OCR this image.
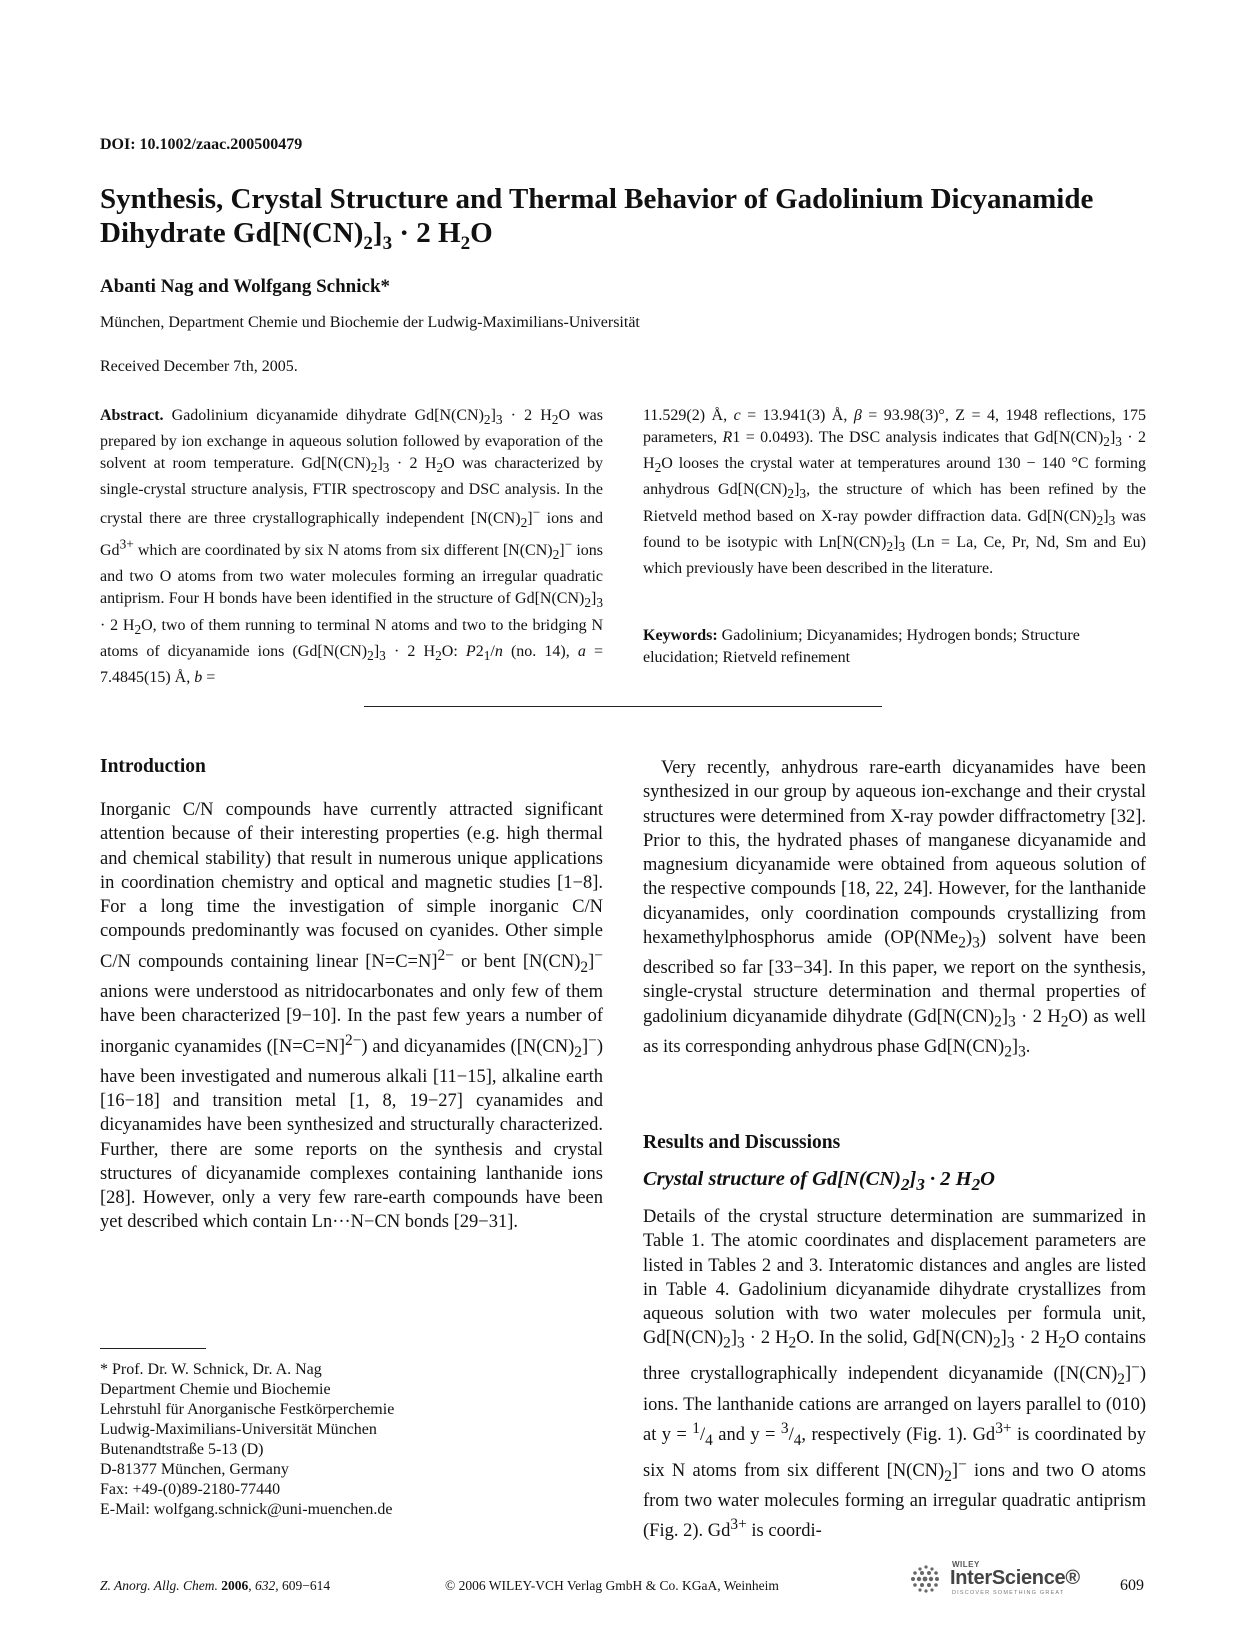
DOI: 10.1002/zaac.200500479
Synthesis, Crystal Structure and Thermal Behavior of Gadolinium Dicyanamide
Dihydrate $Gd[N(CN)_2]_3 \cdot 2$ $H_2O$
Abanti Nag and Wolfgang Schnick*
München, Department Chemie und Biochemie der Ludwig-Maximilians-Universität
Received December 7th, 2005.
Abstract. Gadolinium dicyanamide dihydrate $Gd[N(CN)_2]_3 \cdot 2$ $H_2O$ was prepared by ion exchange in aqueous solution followed by evaporation of the solvent at room temperature. $Gd[N(CN)_2]_3 \cdot 2$ $H_2O$ was characterized by single-crystal structure analysis, FTIR spectroscopy and DSC analysis. In the crystal there are three crystallographically independent $[N(CN)_2]^-$ ions and $Gd^{3+}$ which are coordinated by six N atoms from six different $[N(CN)_2]^-$ ions and two O atoms from two water molecules forming an irregular quadratic antiprism. Four H bonds have been identified in the structure of $Gd[N(CN)_2]_3 \cdot 2$ $H_2O$, two of them running to terminal N atoms and two to the bridging N atoms of dicyanamide ions ($Gd[N(CN)_2]_3 \cdot 2$ $H_2O$: $P2_1/n$ (no. 14), a = 7.4845(15) Å, b =
11.529(2) Å, c = 13.941(3) Å, β = 93.98(3)°, Z = 4, 1948 reflections, 175 parameters, R1 = 0.0493). The DSC analysis indicates that $Gd[N(CN)_2]_3 \cdot 2$ $H_2O$ looses the crystal water at temperatures around 130 − 140 °C forming anhydrous $Gd[N(CN)_2]_3$, the structure of which has been refined by the Rietveld method based on X-ray powder diffraction data. $Gd[N(CN)_2]_3$ was found to be isotypic with $Ln[N(CN)_2]_3$ (Ln = La, Ce, Pr, Nd, Sm and Eu) which previously have been described in the literature.
Keywords: Gadolinium; Dicyanamides; Hydrogen bonds; Structure elucidation; Rietveld refinement
Introduction
Inorganic C/N compounds have currently attracted significant attention because of their interesting properties (e.g. high thermal and chemical stability) that result in numerous unique applications in coordination chemistry and optical and magnetic studies [1−8]. For a long time the investigation of simple inorganic C/N compounds predominantly was focused on cyanides. Other simple C/N compounds containing linear [N=C=N]$^{2-}$ or bent $[N(CN)_2]^-$ anions were understood as nitridocarbonates and only few of them have been characterized [9−10]. In the past few years a number of inorganic cyanamides ([N=C=N]$^{2-}$) and dicyanamides $([N(CN)_2]^-)$ have been investigated and numerous alkali [11−15], alkaline earth [16−18] and transition metal [1, 8, 19−27] cyanamides and dicyanamides have been synthesized and structurally characterized. Further, there are some reports on the synthesis and crystal structures of dicyanamide complexes containing lanthanide ions [28]. However, only a very few rare-earth compounds have been yet described which contain Ln···N−CN bonds [29−31].
Very recently, anhydrous rare-earth dicyanamides have been synthesized in our group by aqueous ion-exchange and their crystal structures were determined from X-ray powder diffractometry [32]. Prior to this, the hydrated phases of manganese dicyanamide and magnesium dicyanamide were obtained from aqueous solution of the respective compounds [18, 22, 24]. However, for the lanthanide dicyanamides, only coordination compounds crystallizing from hexamethylphosphorus amide $(OP(NMe_2)_3)$ solvent have been described so far [33−34]. In this paper, we report on the synthesis, single-crystal structure determination and thermal properties of gadolinium dicyanamide dihydrate ($Gd[N(CN)_2]_3 \cdot 2$ $H_2O$) as well as its corresponding anhydrous phase $Gd[N(CN)_2]_3$.
Results and Discussions
Crystal structure of $Gd[N(CN)_2]_3 \cdot 2$ $H_2O$
Details of the crystal structure determination are summarized in Table 1. The atomic coordinates and displacement parameters are listed in Tables 2 and 3. Interatomic distances and angles are listed in Table 4. Gadolinium dicyanamide dihydrate crystallizes from aqueous solution with two water molecules per formula unit, $Gd[N(CN)_2]_3 \cdot 2$ $H_2O$. In the solid, $Gd[N(CN)_2]_3 \cdot 2$ $H_2O$ contains three crystallographically independent dicyanamide $([N(CN)_2]^-)$ ions. The lanthanide cations are arranged on layers parallel to (010) at $y = ^1/_4$ and $y = ^3/_4$, respectively (Fig. 1). $Gd^{3+}$ is coordinated by six N atoms from six different $[N(CN)_2]^-$ ions and two O atoms from two water molecules forming an irregular quadratic antiprism (Fig. 2). $Gd^{3+}$ is coordi-
* Prof. Dr. W. Schnick, Dr. A. Nag
Department Chemie und Biochemie
Lehrstuhl für Anorganische Festkörperchemie
Ludwig-Maximilians-Universität München
Butenandtstraße 5-13 (D)
D-81377 München, Germany
Fax: +49-(0)89-2180-77440
E-Mail: wolfgang.schnick@uni-muenchen.de
Z. Anorg. Allg. Chem. 2006, 632, 609−614	© 2006 WILEY-VCH Verlag GmbH & Co. KGaA, Weinheim
WILEY
InterScience®
DISCOVER SOMETHING GREAT	609
